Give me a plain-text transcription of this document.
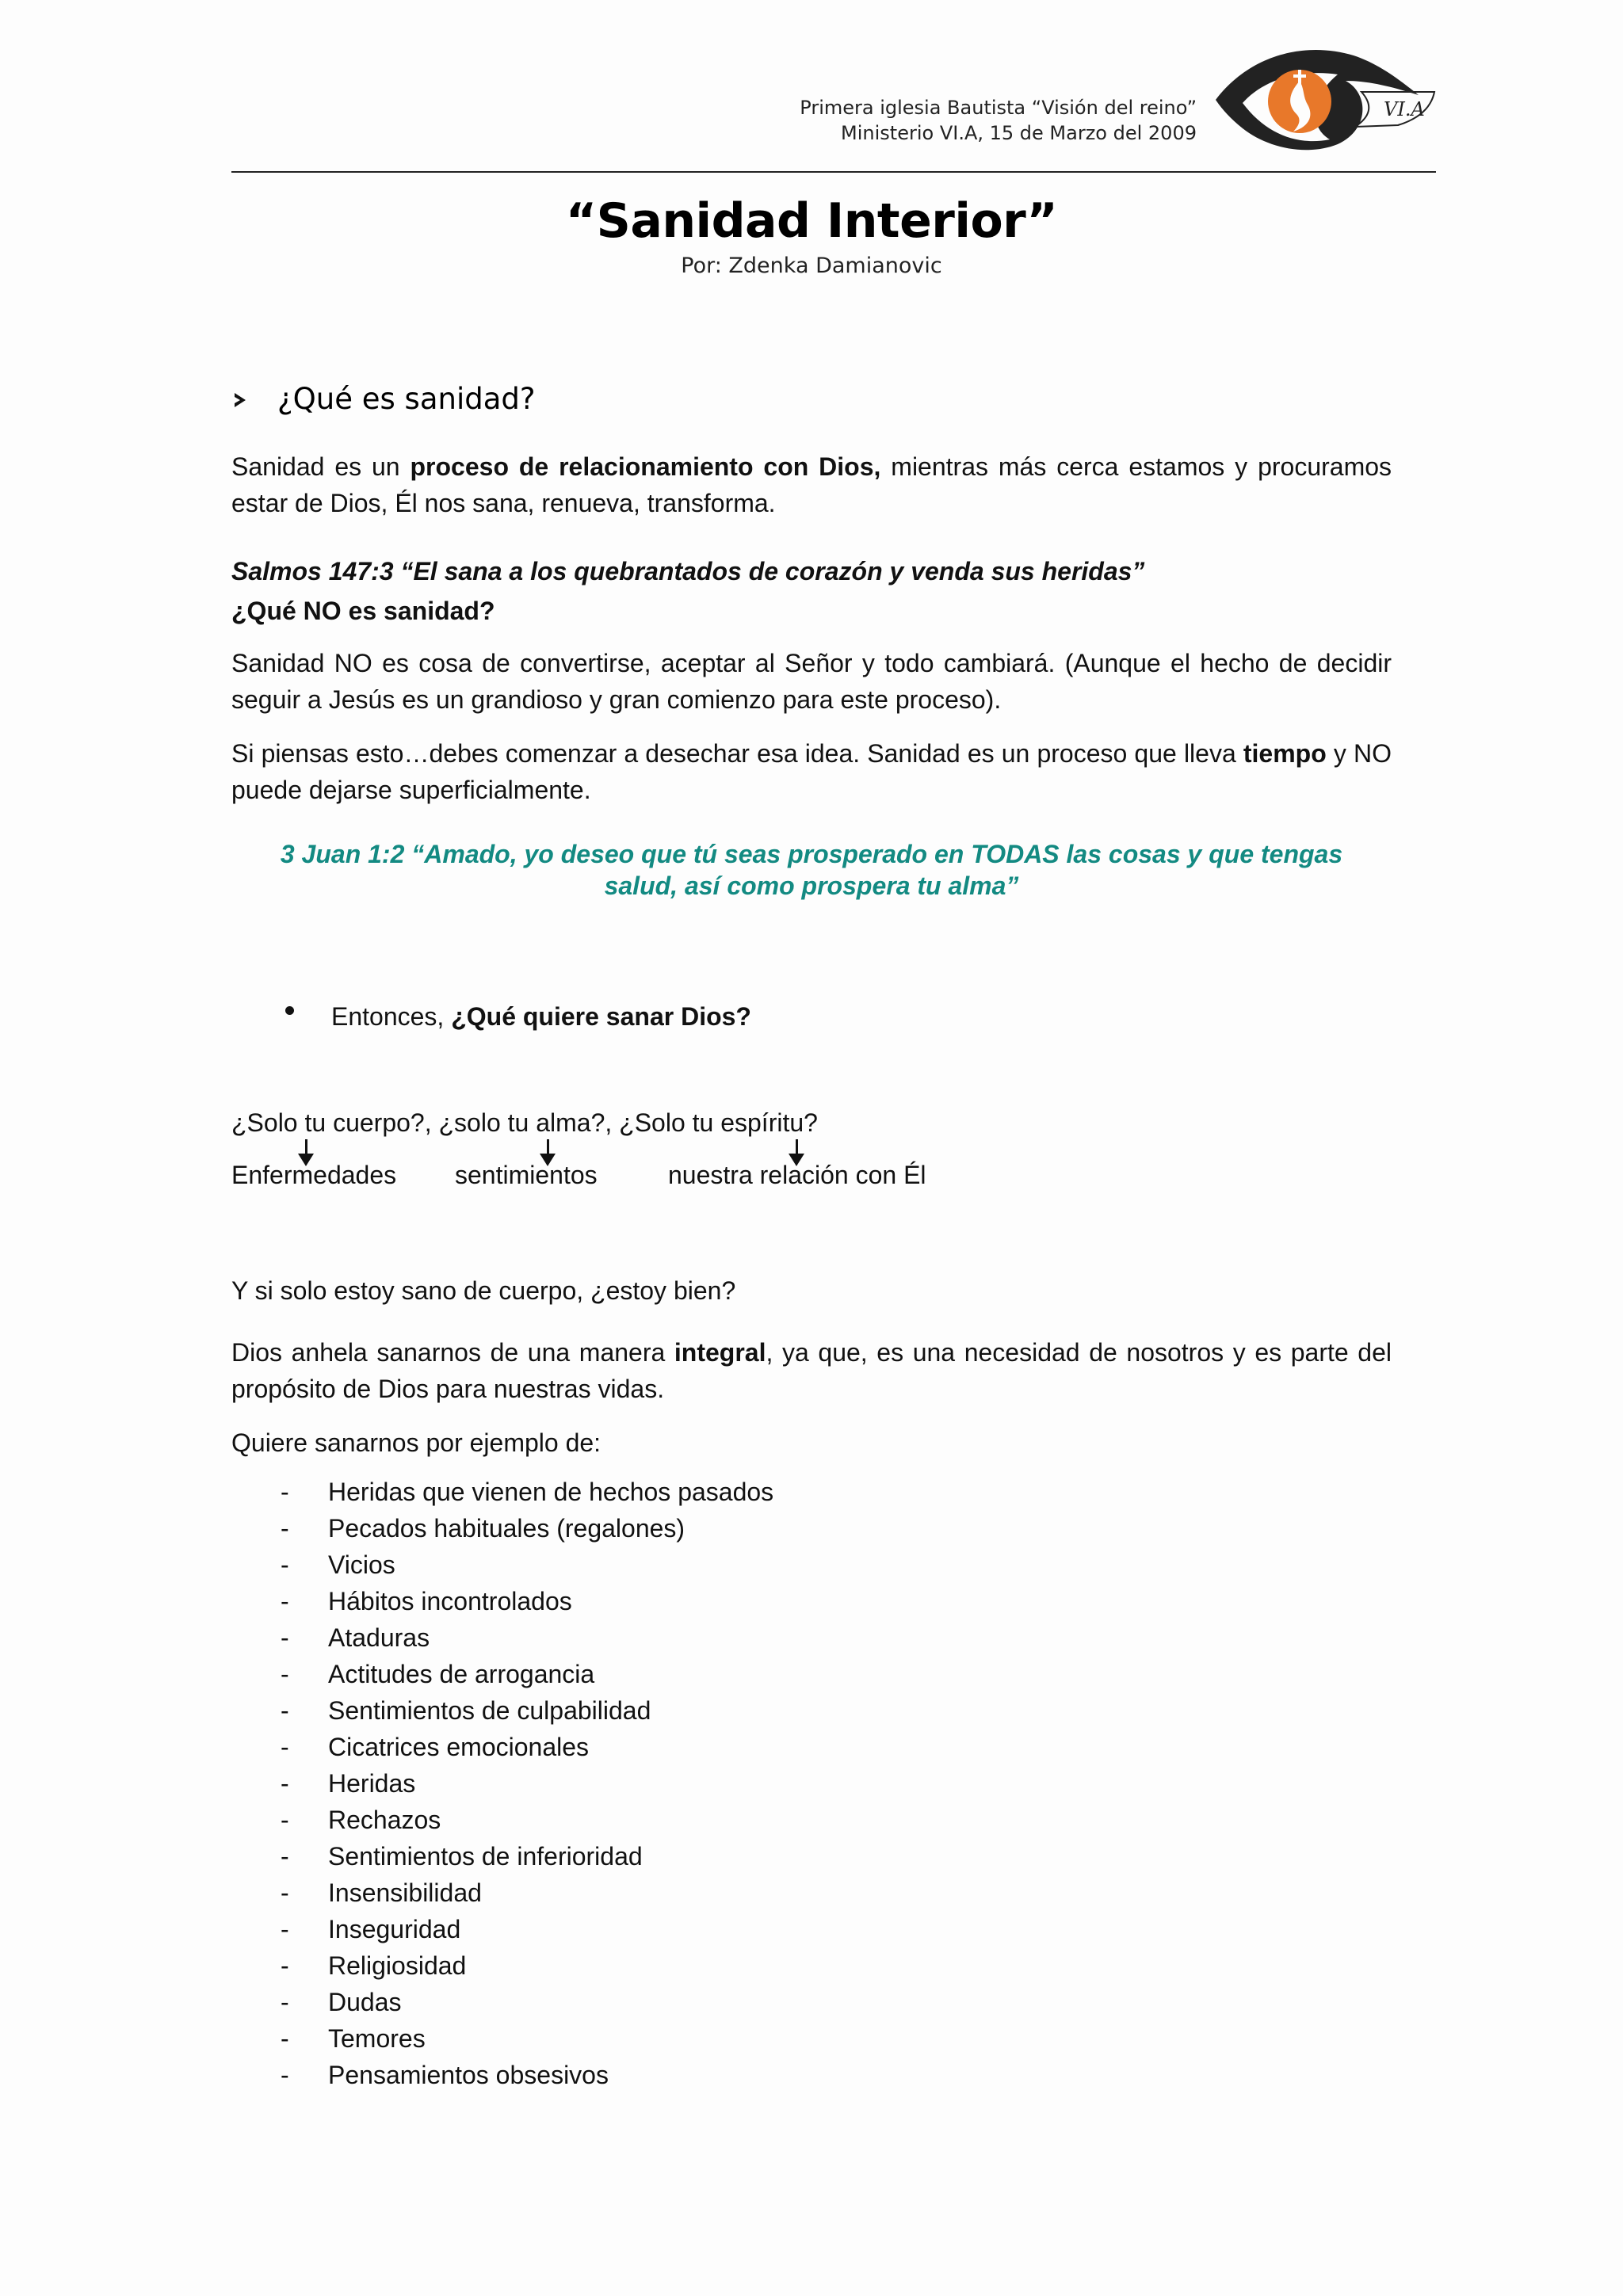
Primera iglesia Bautista “Visión del reino”
Ministerio VI.A, 15 de Marzo del 2009
VI.A
“Sanidad Interior”
Por: Zdenka Damianovic
¿Qué es sanidad?
Sanidad es un proceso de relacionamiento con Dios, mientras más cerca estamos y procuramos estar de Dios, Él nos sana, renueva, transforma.
Salmos 147:3 “El sana a los quebrantados de corazón y venda sus heridas”
¿Qué NO es sanidad?
Sanidad NO es cosa de convertirse, aceptar al Señor y todo cambiará. (Aunque el hecho de decidir seguir a Jesús es un grandioso y gran comienzo para este proceso).
Si piensas esto…debes comenzar a desechar esa idea. Sanidad es un proceso que lleva tiempo y NO puede dejarse superficialmente.
3 Juan 1:2 “Amado, yo deseo que tú seas prosperado en TODAS las cosas y que tengas
salud, así como prospera tu alma”
Entonces, ¿Qué quiere sanar Dios?
¿Solo tu cuerpo?, ¿solo tu alma?, ¿Solo tu espíritu?
Enfermedades sentimientos	nuestra relación con Él
Y si solo estoy sano de cuerpo, ¿estoy bien?
Dios anhela sanarnos de una manera integral, ya que, es una necesidad de nosotros y es parte del propósito de Dios para nuestras vidas.
Quiere sanarnos por ejemplo de:
- Heridas que vienen de hechos pasados
- Pecados habituales (regalones)
- Vicios
- Hábitos incontrolados
- Ataduras
- Actitudes de arrogancia
- Sentimientos de culpabilidad
- Cicatrices emocionales
- Heridas
- Rechazos
- Sentimientos de inferioridad
- Insensibilidad
- Inseguridad
- Religiosidad
- Dudas
- Temores
- Pensamientos obsesivos
